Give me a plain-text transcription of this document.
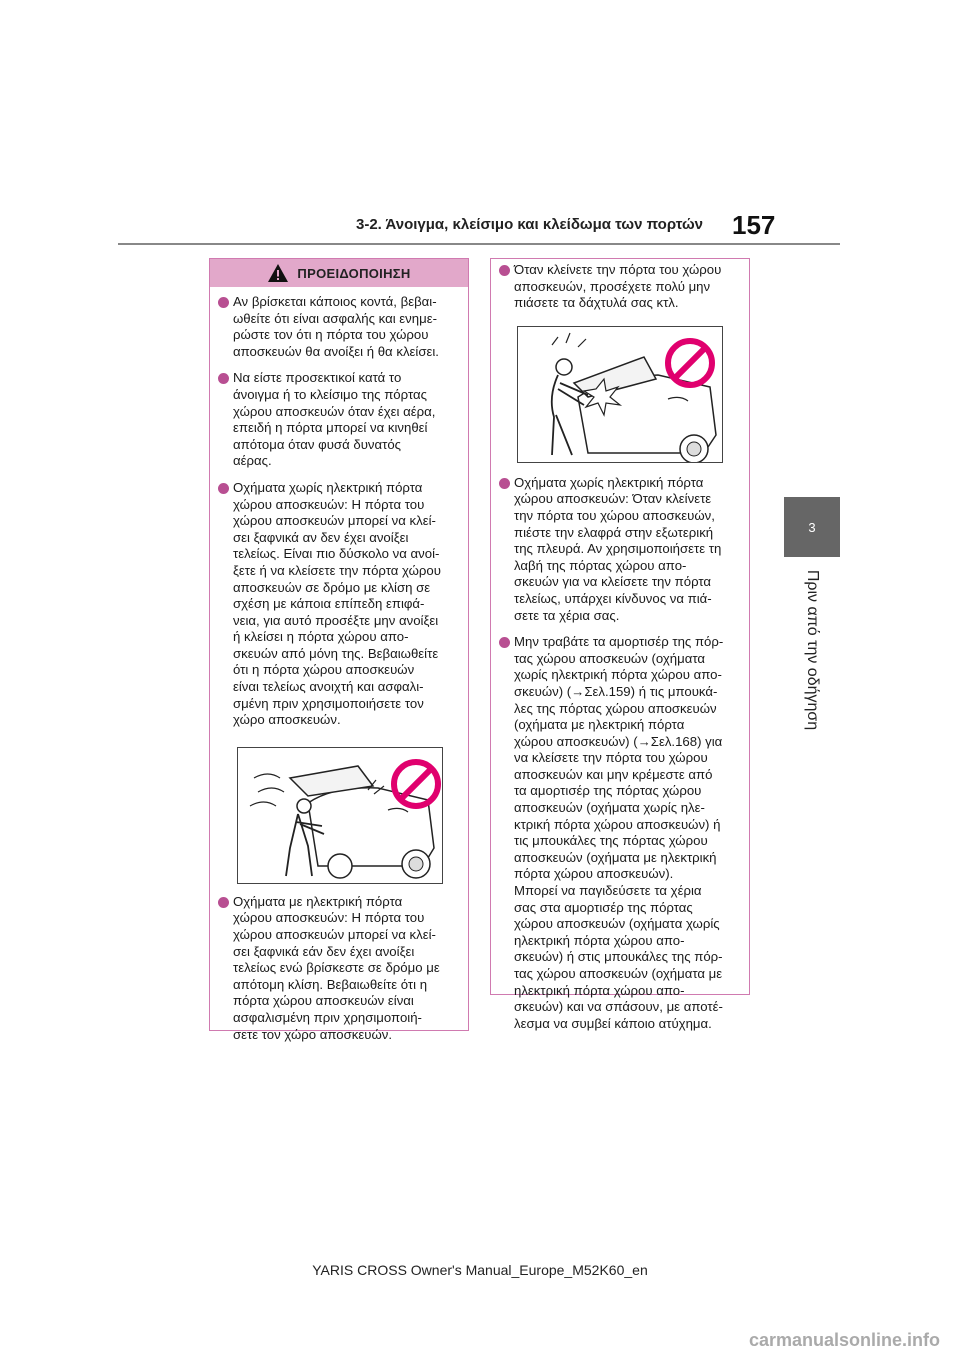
3-2. Άνοιγμα, κλείσιμο και κλείδωμα των πορτών 157
3
Πριν από την οδήγηση
ΠΡΟΕΙΔΟΠΟΙΗΣΗ
Αν βρίσκεται κάποιος κοντά, βεβαι-
ωθείτε ότι είναι ασφαλής και ενημε-
ρώστε τον ότι η πόρτα του χώρου
αποσκευών θα ανοίξει ή θα κλείσει.
Να είστε προσεκτικοί κατά το
άνοιγμα ή το κλείσιμο της πόρτας
χώρου αποσκευών όταν έχει αέρα,
επειδή η πόρτα μπορεί να κινηθεί
απότομα όταν φυσά δυνατός
αέρας.
Οχήματα χωρίς ηλεκτρική πόρτα
χώρου αποσκευών: Η πόρτα του
χώρου αποσκευών μπορεί να κλεί-
σει ξαφνικά αν δεν έχει ανοίξει
τελείως. Είναι πιο δύσκολο να ανοί-
ξετε ή να κλείσετε την πόρτα χώρου
αποσκευών σε δρόμο με κλίση σε
σχέση με κάποια επίπεδη επιφά-
νεια, για αυτό προσέξτε μην ανοίξει
ή κλείσει η πόρτα χώρου απο-
σκευών από μόνη της. Βεβαιωθείτε
ότι η πόρτα χώρου αποσκευών
είναι τελείως ανοιχτή και ασφαλι-
σμένη πριν χρησιμοποιήσετε τον
χώρο αποσκευών.
Οχήματα με ηλεκτρική πόρτα
χώρου αποσκευών: Η πόρτα του
χώρου αποσκευών μπορεί να κλεί-
σει ξαφνικά εάν δεν έχει ανοίξει
τελείως ενώ βρίσκεστε σε δρόμο με
απότομη κλίση. Βεβαιωθείτε ότι η
πόρτα χώρου αποσκευών είναι
ασφαλισμένη πριν χρησιμοποιή-
σετε τον χώρο αποσκευών.
Όταν κλείνετε την πόρτα του χώρου
αποσκευών, προσέχετε πολύ μην
πιάσετε τα δάχτυλά σας κτλ.
Οχήματα χωρίς ηλεκτρική πόρτα
χώρου αποσκευών: Όταν κλείνετε
την πόρτα του χώρου αποσκευών,
πιέστε την ελαφρά στην εξωτερική
της πλευρά. Αν χρησιμοποιήσετε τη
λαβή της πόρτας χώρου απο-
σκευών για να κλείσετε την πόρτα
τελείως, υπάρχει κίνδυνος να πιά-
σετε τα χέρια σας.
Μην τραβάτε τα αμορτισέρ της πόρ-
τας χώρου αποσκευών (οχήματα
χωρίς ηλεκτρική πόρτα χώρου απο-
σκευών) (→Σελ.159) ή τις μπουκά-
λες της πόρτας χώρου αποσκευών
(οχήματα με ηλεκτρική πόρτα
χώρου αποσκευών) (→Σελ.168) για
να κλείσετε την πόρτα του χώρου
αποσκευών και μην κρέμεστε από
τα αμορτισέρ της πόρτας χώρου
αποσκευών (οχήματα χωρίς ηλε-
κτρική πόρτα χώρου αποσκευών) ή
τις μπουκάλες της πόρτας χώρου
αποσκευών (οχήματα με ηλεκτρική
πόρτα χώρου αποσκευών).
Μπορεί να παγιδεύσετε τα χέρια
σας στα αμορτισέρ της πόρτας
χώρου αποσκευών (οχήματα χωρίς
ηλεκτρική πόρτα χώρου απο-
σκευών) ή στις μπουκάλες της πόρ-
τας χώρου αποσκευών (οχήματα με
ηλεκτρική πόρτα χώρου απο-
σκευών) και να σπάσουν, με αποτέ-
λεσμα να συμβεί κάποιο ατύχημα.
YARIS CROSS Owner's Manual_Europe_M52K60_en
carmanualsonline.info
